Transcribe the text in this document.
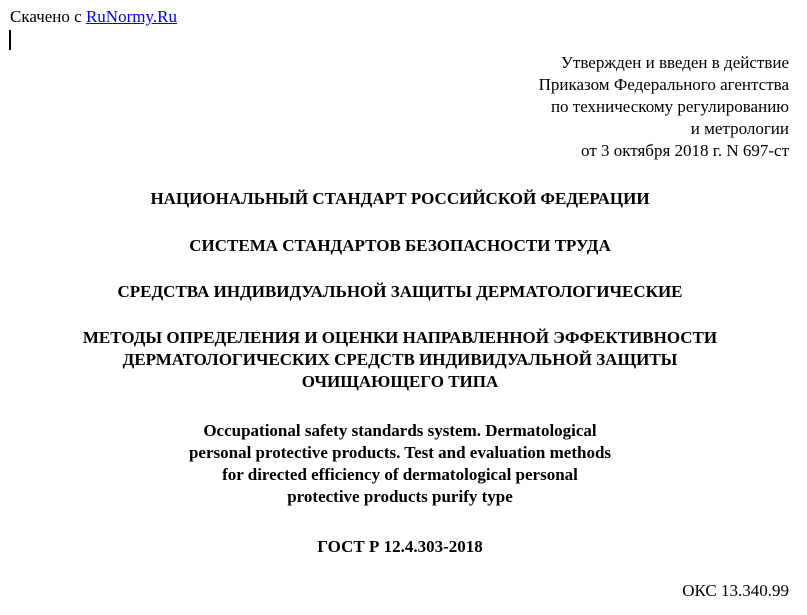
Скачено с RuNormy.Ru
Утвержден и введен в действие
Приказом Федерального агентства
по техническому регулированию
и метрологии
от 3 октября 2018 г. N 697-ст
НАЦИОНАЛЬНЫЙ СТАНДАРТ РОССИЙСКОЙ ФЕДЕРАЦИИ
СИСТЕМА СТАНДАРТОВ БЕЗОПАСНОСТИ ТРУДА
СРЕДСТВА ИНДИВИДУАЛЬНОЙ ЗАЩИТЫ ДЕРМАТОЛОГИЧЕСКИЕ
МЕТОДЫ ОПРЕДЕЛЕНИЯ И ОЦЕНКИ НАПРАВЛЕННОЙ ЭФФЕКТИВНОСТИ
ДЕРМАТОЛОГИЧЕСКИХ СРЕДСТВ ИНДИВИДУАЛЬНОЙ ЗАЩИТЫ
ОЧИЩАЮЩЕГО ТИПА
Occupational safety standards system. Dermatological
personal protective products. Test and evaluation methods
for directed efficiency of dermatological personal
protective products purify type
ГОСТ Р 12.4.303-2018
ОКС 13.340.99
